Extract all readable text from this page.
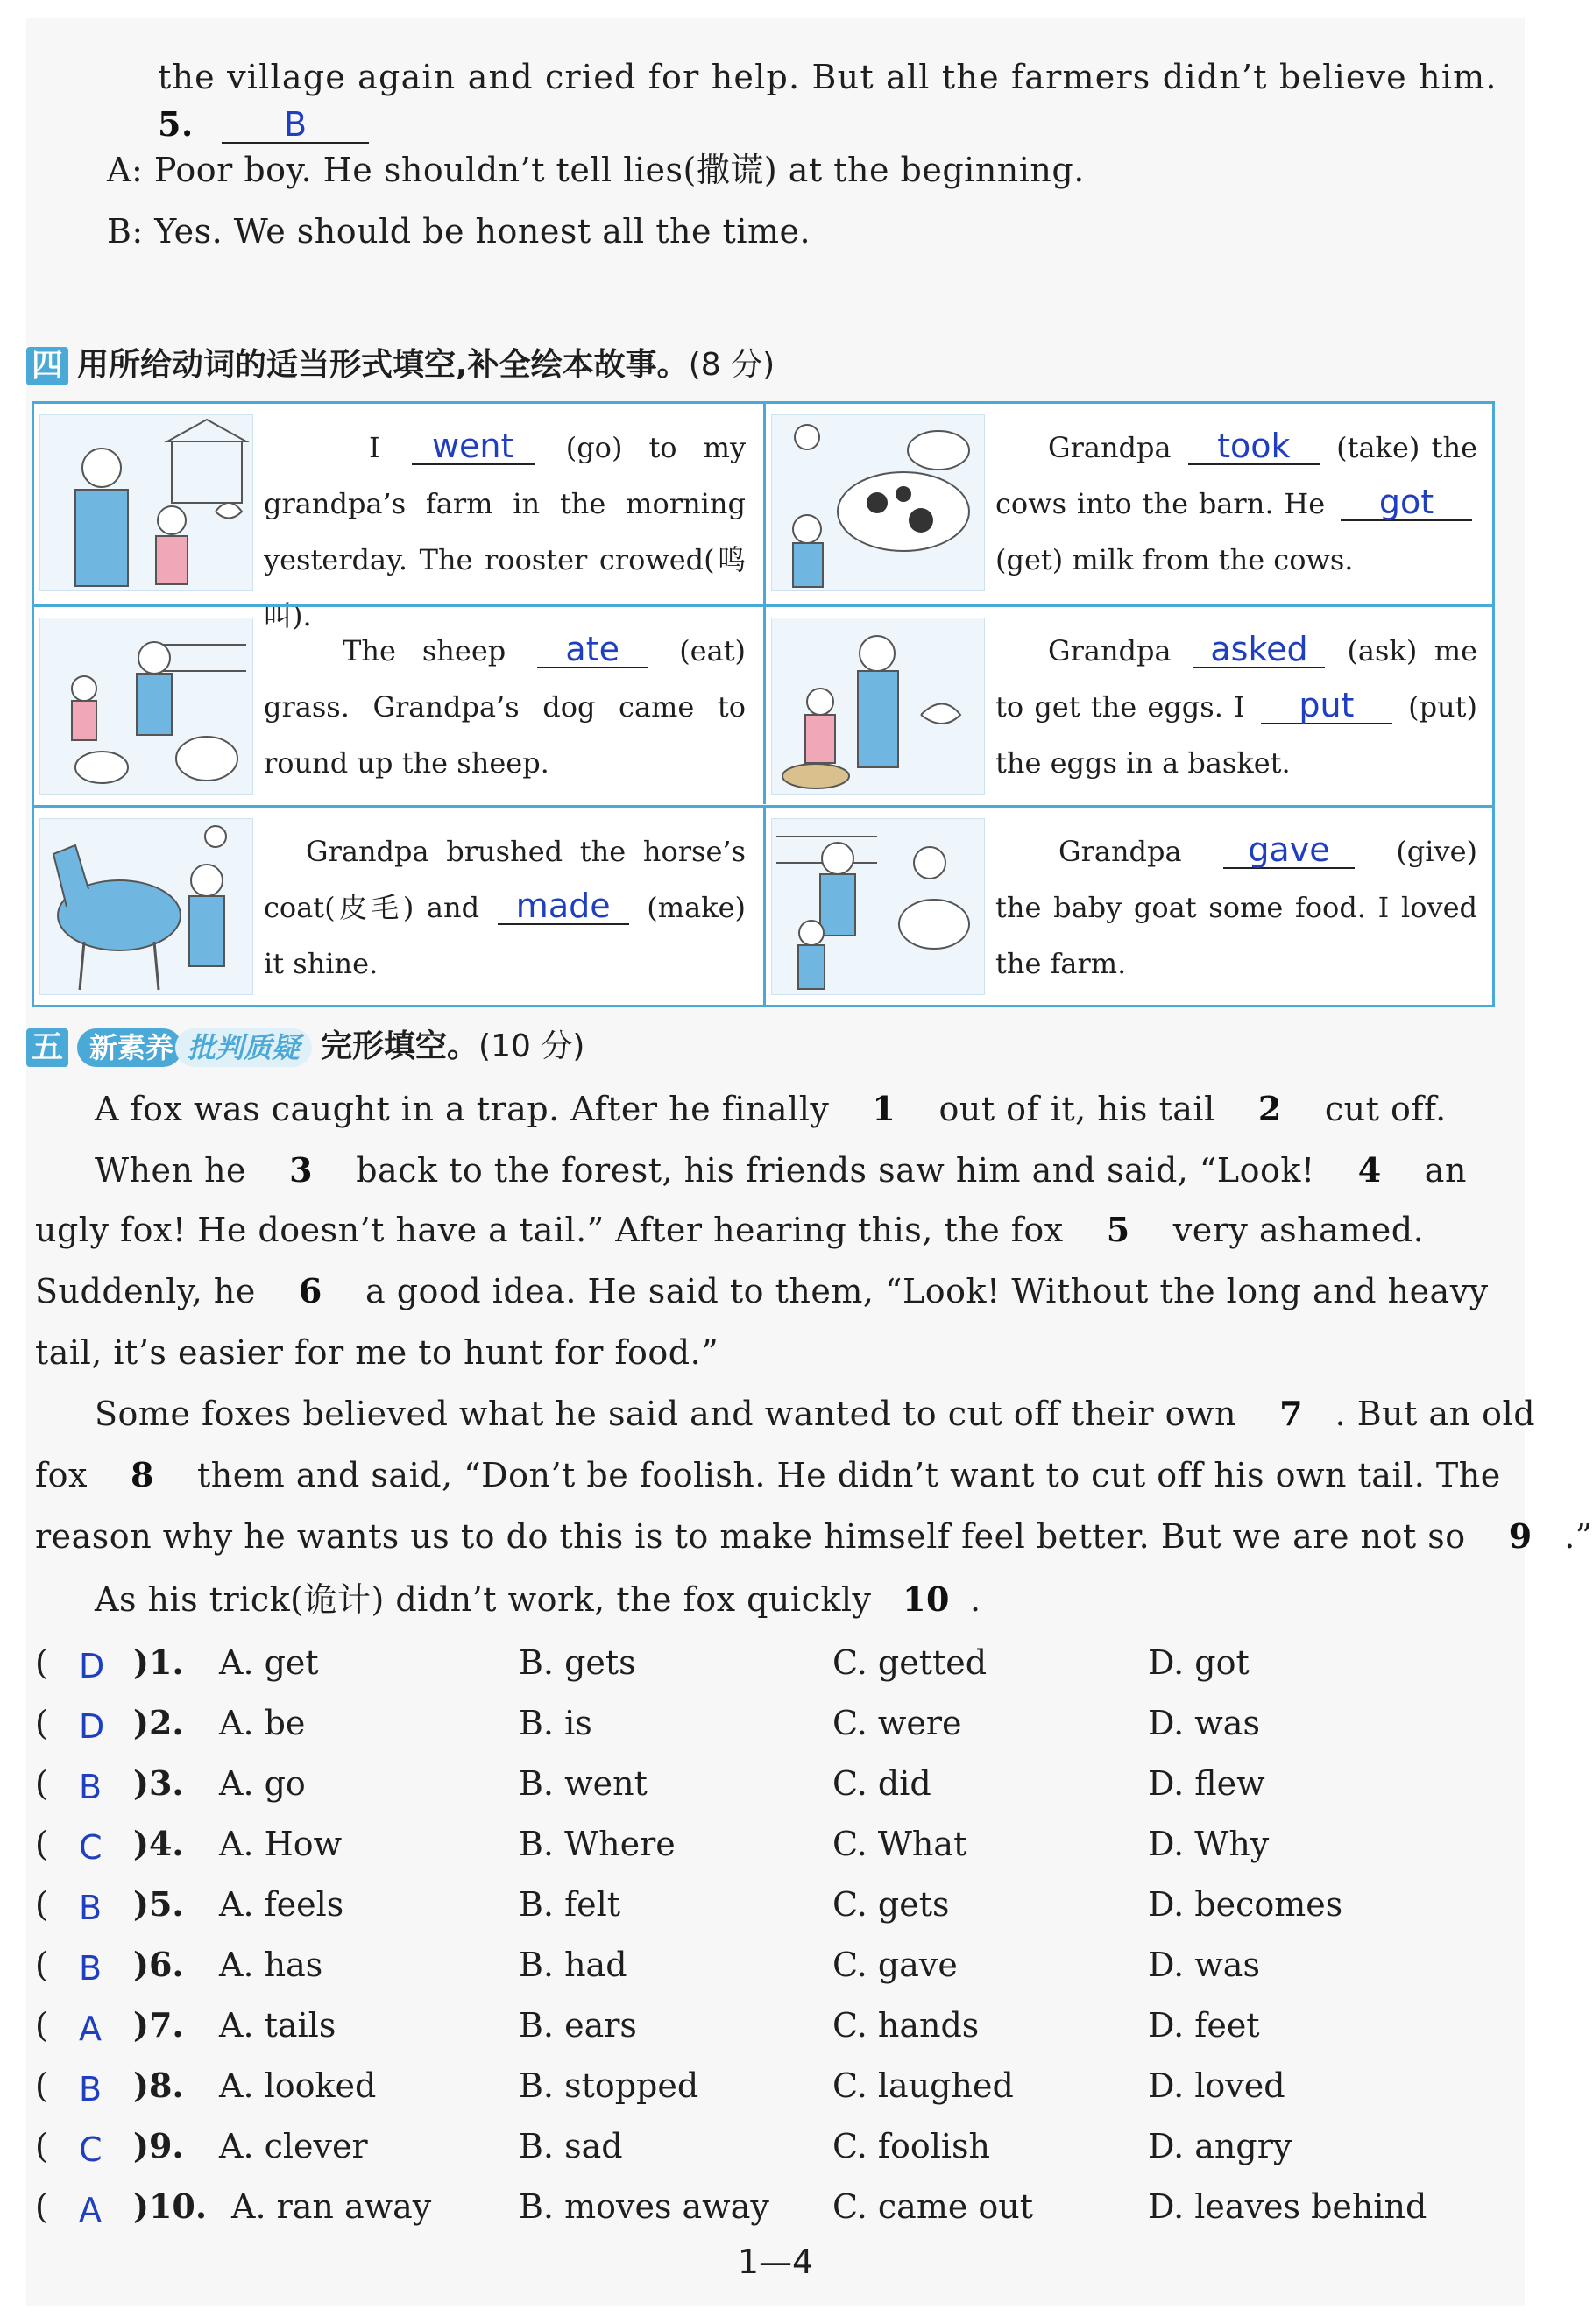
the village again and cried for help. But all the farmers didn’t believe him.
5.	B
A: Poor boy. He shouldn’t tell lies(撒谎) at the beginning.
B: Yes. We should be honest all the time.
四 用所给动词的适当形式填空,补全绘本故事。(8 分)
I went (go) to my grandpa’s farm in the morning yesterday. The rooster crowed(鸣叫).
Grandpa took (take) the cows into the barn. He got (get) milk from the cows.
The sheep ate (eat) grass. Grandpa’s dog came to round up the sheep.
Grandpa asked (ask) me to get the eggs. I put (put) the eggs in a basket.
Grandpa brushed the horse’s coat(皮毛) and made (make) it shine.
Grandpa gave (give) the baby goat some food. I loved the farm.
五 新素养 批判质疑 完形填空。(10 分)
A fox was caught in a trap. After he finally 1 out of it, his tail 2 cut off.
When he 3 back to the forest, his friends saw him and said, “Look! 4 an
ugly fox! He doesn’t have a tail.” After hearing this, the fox 5 very ashamed.
Suddenly, he 6 a good idea. He said to them, “Look! Without the long and heavy
tail, it’s easier for me to hunt for food.”
Some foxes believed what he said and wanted to cut off their own 7 . But an old
fox 8 them and said, “Don’t be foolish. He didn’t want to cut off his own tail. The
reason why he wants us to do this is to make himself feel better. But we are not so 9 .”
As his trick(诡计) didn’t work, the fox quickly 10 .
( D )1. A. get	B. gets	C. getted	D. got
( D )2. A. be	B. is	C. were	D. was
( B )3. A. go	B. went	C. did	D. flew
( C )4. A. How	B. Where	C. What	D. Why
( B )5. A. feels	B. felt	C. gets	D. becomes
( B )6. A. has	B. had	C. gave	D. was
( A )7. A. tails	B. ears	C. hands	D. feet
( B )8. A. looked	B. stopped	C. laughed	D. loved
( C )9. A. clever	B. sad	C. foolish	D. angry
( A )10. A. ran away	B. moves away C. came out	D. leaves behind
1—4
